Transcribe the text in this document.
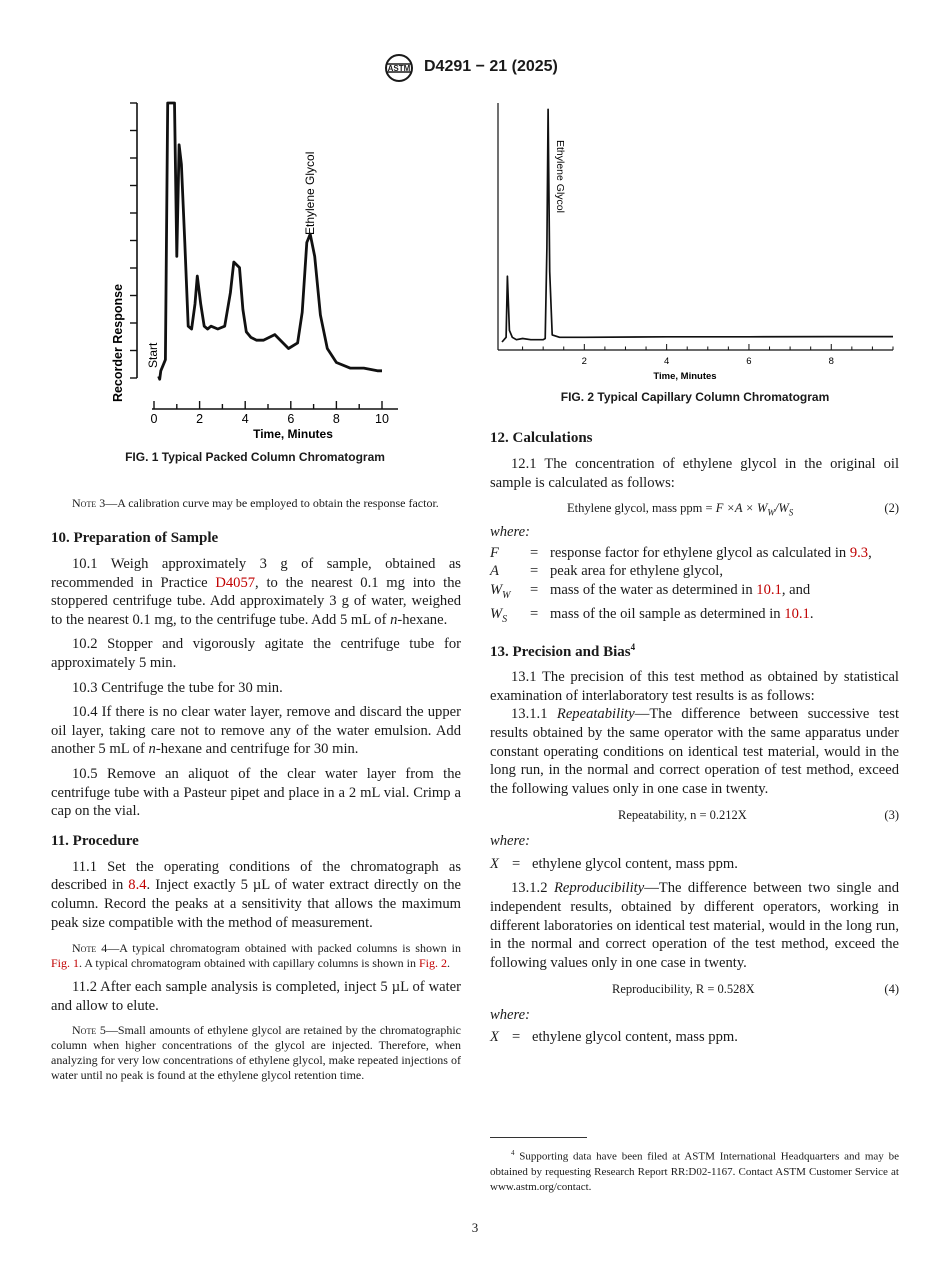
ASTM D4291 − 21 (2025)
Recorder Response
Time, Minutes
Start
Ethylene Glycol
0	2	4	6	8	10
FIG. 1 Typical Packed Column Chromatogram
Time, Minutes
Ethylene Glycol
2	4	6	8
FIG. 2 Typical Capillary Column Chromatogram

Note 3—A calibration curve may be employed to obtain the response factor.

10. Preparation of Sample

10.1 Weigh approximately 3 g of sample, obtained as recommended in Practice D4057, to the nearest 0.1 mg into the stoppered centrifuge tube. Add approximately 3 g of water, weighed to the nearest 0.1 mg, to the centrifuge tube. Add 5 mL of n-hexane.

10.2 Stopper and vigorously agitate the centrifuge tube for approximately 5 min.

10.3 Centrifuge the tube for 30 min.

10.4 If there is no clear water layer, remove and discard the upper oil layer, taking care not to remove any of the water emulsion. Add another 5 mL of n-hexane and centrifuge for 30 min.

10.5 Remove an aliquot of the clear water layer from the centrifuge tube with a Pasteur pipet and place in a 2 mL vial. Crimp a cap on the vial.

11. Procedure

11.1 Set the operating conditions of the chromatograph as described in 8.4. Inject exactly 5 µL of water extract directly on the column. Record the peaks at a sensitivity that allows the maximum peak size compatible with the method of measurement.

Note 4—A typical chromatogram obtained with packed columns is shown in Fig. 1. A typical chromatogram obtained with capillary columns is shown in Fig. 2.

11.2 After each sample analysis is completed, inject 5 µL of water and allow to elute.

Note 5—Small amounts of ethylene glycol are retained by the chromatographic column when higher concentrations of the glycol are injected. Therefore, when analyzing for very low concentrations of ethylene glycol, make repeated injections of water until no peak is found at the ethylene glycol retention time.

12. Calculations

12.1 The concentration of ethylene glycol in the original oil sample is calculated as follows:

Ethylene glycol, mass ppm = $F \times A \times W_W/W_S$	(2)

where:

F	= response factor for ethylene glycol as calculated in 9.3,
A	= peak area for ethylene glycol,
$W_W$	= mass of the water as determined in 10.1, and
$W_S$	= mass of the oil sample as determined in 10.1.

13. Precision and Bias$^4$

13.1 The precision of this test method as obtained by statistical examination of interlaboratory test results is as follows:

13.1.1 Repeatability—The difference between successive test results obtained by the same operator with the same apparatus under constant operating conditions on identical test material, would in the long run, in the normal and correct operation of test method, exceed the following values only in one case in twenty.

Repeatability, n = 0.212X	(3)

where:

X = ethylene glycol content, mass ppm.

13.1.2 Reproducibility—The difference between two single and independent results, obtained by different operators, working in different laboratories on identical test material, would in the long run, in the normal and correct operation of the test method, exceed the following values only in one case in twenty.

Reproducibility, R = 0.528X	(4)

where:

X = ethylene glycol content, mass ppm.

$^4$ Supporting data have been filed at ASTM International Headquarters and may be obtained by requesting Research Report RR:D02-1167. Contact ASTM Customer Service at www.astm.org/contact.

3
